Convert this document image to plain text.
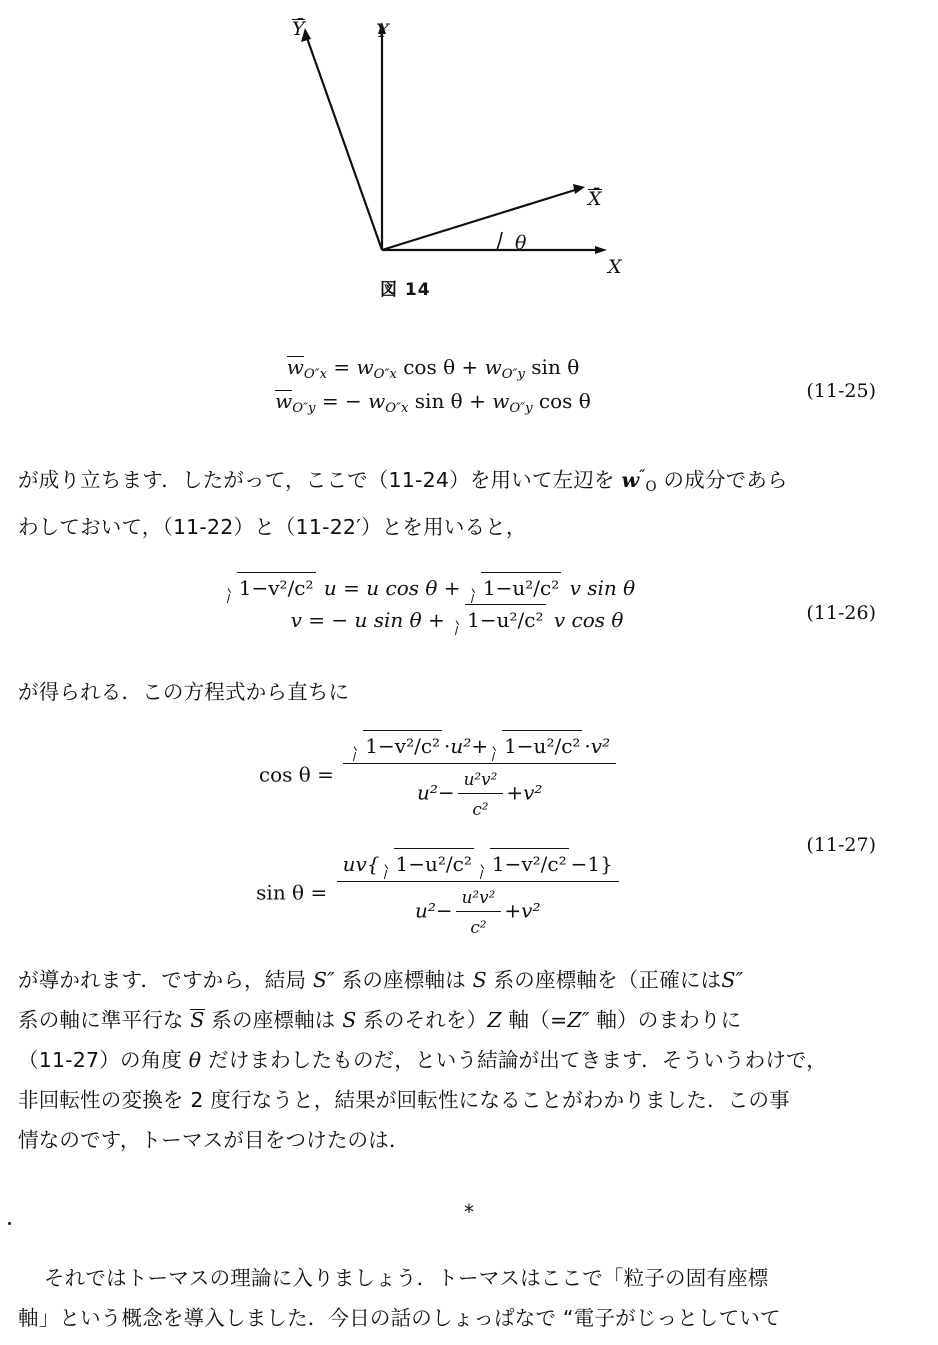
Ȳ	Y
X̄
X
θ
図 14
$w_{O''x} = w_{O''x}$ $\cos \theta + w_{O''y}$ sin θ
$w_{O''y}$ = − $w_{O''x}$ $\sin \theta + w_{O''y}$ cos θ	(11-25)
が成り立ちます．したがって，ここで（11-24）を用いて左辺を $w''_O$ の成分であら
わしておいて，（11-22）と（11-22′）とを用いると，
1−v²/c² u = u cos θ + 1−u²/c² v sin θ
v = − u sin θ + 1−u²/c² v cos θ	(11-26)
が得られる．この方程式から直ちに
$\cos \theta = \frac{\text{1−v²/c² ·u²+ 1−u²/c² ·v²}}{u^2- \frac{\text{u²v²}}{\text{c²}} +v^2}$
$\sin \theta = \frac{\text{uv\{ 1−u²/c² 1−v²/c² −1\}}}{u^2- \frac{\text{u²v²}}{\text{c²}} +v^2}$
(11-27)
が導かれます．ですから，結局 S″ 系の座標軸は S 系の座標軸を（正確にはS″
系の軸に準平行な S 系の座標軸は S 系のそれを）Z 軸（=Z″ 軸）のまわりに
（11-27）の角度 θ だけまわしたものだ，という結論が出てきます．そういうわけで，
非回転性の変換を 2 度行なうと，結果が回転性になることがわかりました．この事
情なのです，トーマスが目をつけたのは．
*
それではトーマスの理論に入りましょう．トーマスはここで「粒子の固有座標
軸」という概念を導入しました．今日の話のしょっぱなで “電子がじっとしていて
